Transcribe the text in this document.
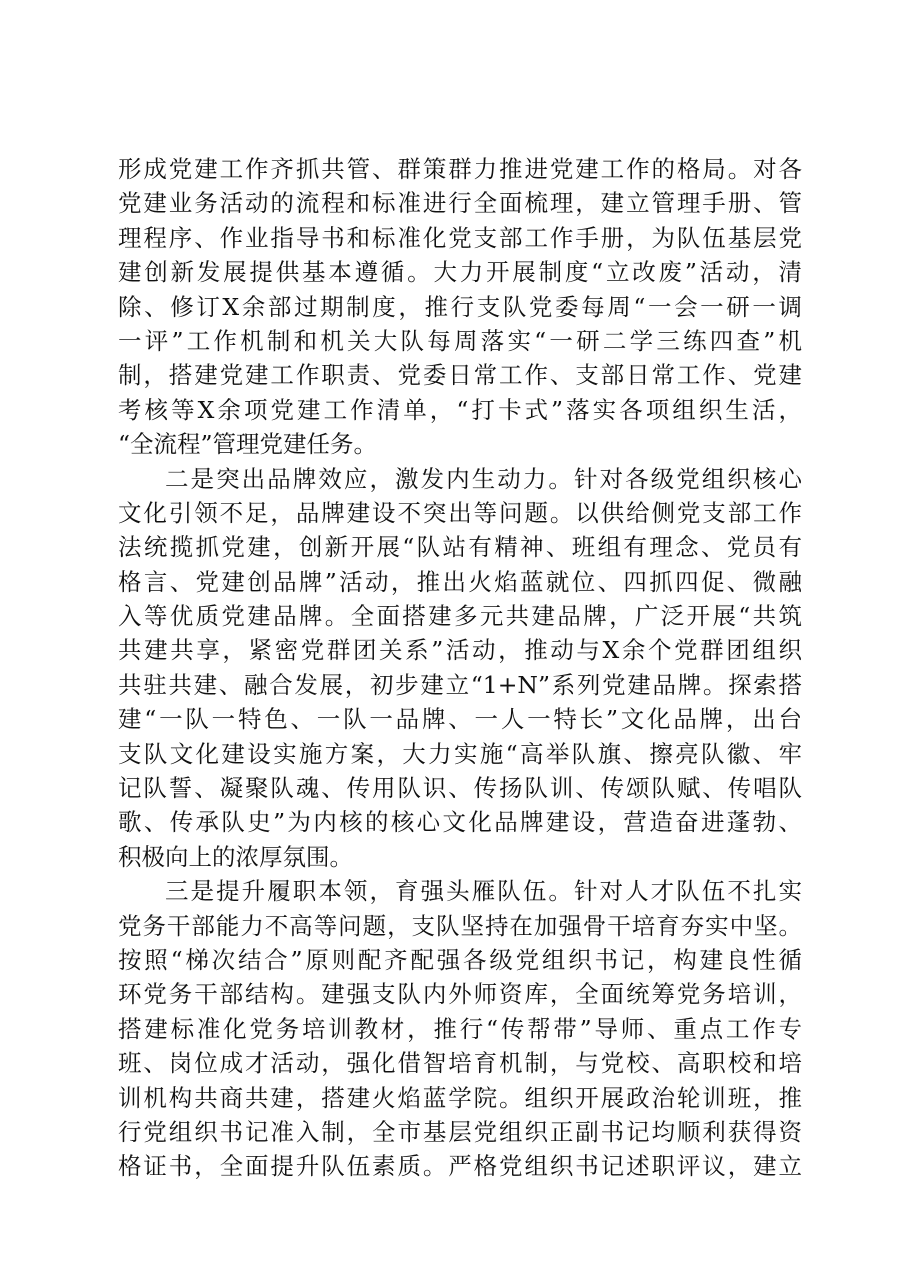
形成党建工作齐抓共管、群策群力推进党建工作的格局。对各
党建业务活动的流程和标准进行全面梳理，建立管理手册、管
理程序、作业指导书和标准化党支部工作手册，为队伍基层党
建创新发展提供基本遵循。大力开展制度“立改废”活动，清
除、修订X余部过期制度，推行支队党委每周“一会一研一调
一评”工作机制和机关大队每周落实“一研二学三练四查”机
制，搭建党建工作职责、党委日常工作、支部日常工作、党建
考核等X余项党建工作清单，“打卡式”落实各项组织生活，
“全流程”管理党建任务。
二是突出品牌效应，激发内生动力。针对各级党组织核心
文化引领不足，品牌建设不突出等问题。以供给侧党支部工作
法统揽抓党建，创新开展“队站有精神、班组有理念、党员有
格言、党建创品牌”活动，推出火焰蓝就位、四抓四促、微融
入等优质党建品牌。全面搭建多元共建品牌，广泛开展“共筑
共建共享，紧密党群团关系”活动，推动与X余个党群团组织
共驻共建、融合发展，初步建立“1+N”系列党建品牌。探索搭
建“一队一特色、一队一品牌、一人一特长”文化品牌，出台
支队文化建设实施方案，大力实施“高举队旗、擦亮队徽、牢
记队誓、凝聚队魂、传用队识、传扬队训、传颂队赋、传唱队
歌、传承队史”为内核的核心文化品牌建设，营造奋进蓬勃、
积极向上的浓厚氛围。
三是提升履职本领，育强头雁队伍。针对人才队伍不扎实
党务干部能力不高等问题，支队坚持在加强骨干培育夯实中坚。
按照“梯次结合”原则配齐配强各级党组织书记，构建良性循
环党务干部结构。建强支队内外师资库，全面统筹党务培训，
搭建标准化党务培训教材，推行“传帮带”导师、重点工作专
班、岗位成才活动，强化借智培育机制，与党校、高职校和培
训机构共商共建，搭建火焰蓝学院。组织开展政治轮训班，推
行党组织书记准入制，全市基层党组织正副书记均顺利获得资
格证书，全面提升队伍素质。严格党组织书记述职评议，建立
